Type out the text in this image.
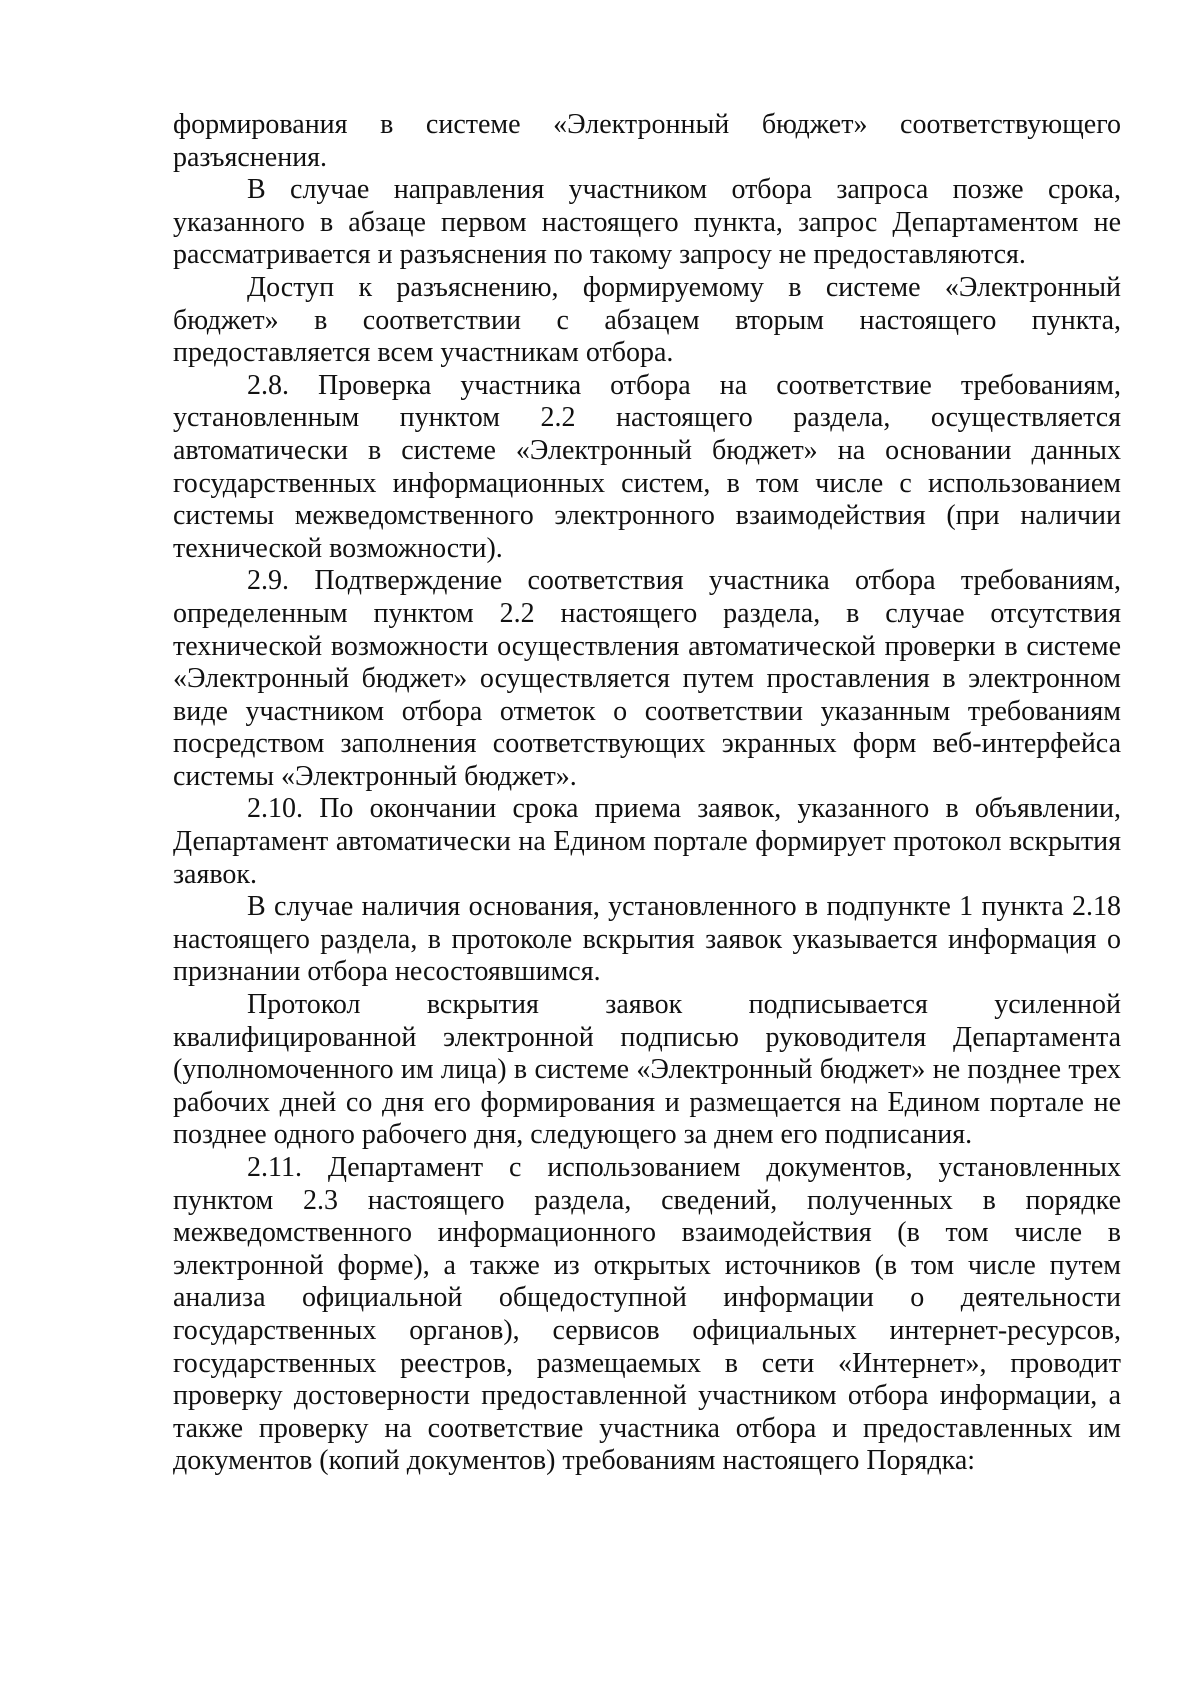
формирования в системе «Электронный бюджет» соответствующего разъяснения.

В случае направления участником отбора запроса позже срока, указанного в абзаце первом настоящего пункта, запрос Департаментом не рассматривается и разъяснения по такому запросу не предоставляются.

Доступ к разъяснению, формируемому в системе «Электронный бюджет» в соответствии с абзацем вторым настоящего пункта, предоставляется всем участникам отбора.

2.8. Проверка участника отбора на соответствие требованиям, установленным пунктом 2.2 настоящего раздела, осуществляется автоматически в системе «Электронный бюджет» на основании данных государственных информационных систем, в том числе с использованием системы межведомственного электронного взаимодействия (при наличии технической возможности).

2.9. Подтверждение соответствия участника отбора требованиям, определенным пунктом 2.2 настоящего раздела, в случае отсутствия технической возможности осуществления автоматической проверки в системе «Электронный бюджет» осуществляется путем проставления в электронном виде участником отбора отметок о соответствии указанным требованиям посредством заполнения соответствующих экранных форм веб-интерфейса системы «Электронный бюджет».

2.10. По окончании срока приема заявок, указанного в объявлении, Департамент автоматически на Едином портале формирует протокол вскрытия заявок.

В случае наличия основания, установленного в подпункте 1 пункта 2.18 настоящего раздела, в протоколе вскрытия заявок указывается информация о признании отбора несостоявшимся.

Протокол вскрытия заявок подписывается усиленной квалифицированной электронной подписью руководителя Департамента (уполномоченного им лица) в системе «Электронный бюджет» не позднее трех рабочих дней со дня его формирования и размещается на Едином портале не позднее одного рабочего дня, следующего за днем его подписания.

2.11. Департамент с использованием документов, установленных пунктом 2.3 настоящего раздела, сведений, полученных в порядке межведомственного информационного взаимодействия (в том числе в электронной форме), а также из открытых источников (в том числе путем анализа официальной общедоступной информации о деятельности государственных органов), сервисов официальных интернет-ресурсов, государственных реестров, размещаемых в сети «Интернет», проводит проверку достоверности предоставленной участником отбора информации, а также проверку на соответствие участника отбора и предоставленных им документов (копий документов) требованиям настоящего Порядка:
